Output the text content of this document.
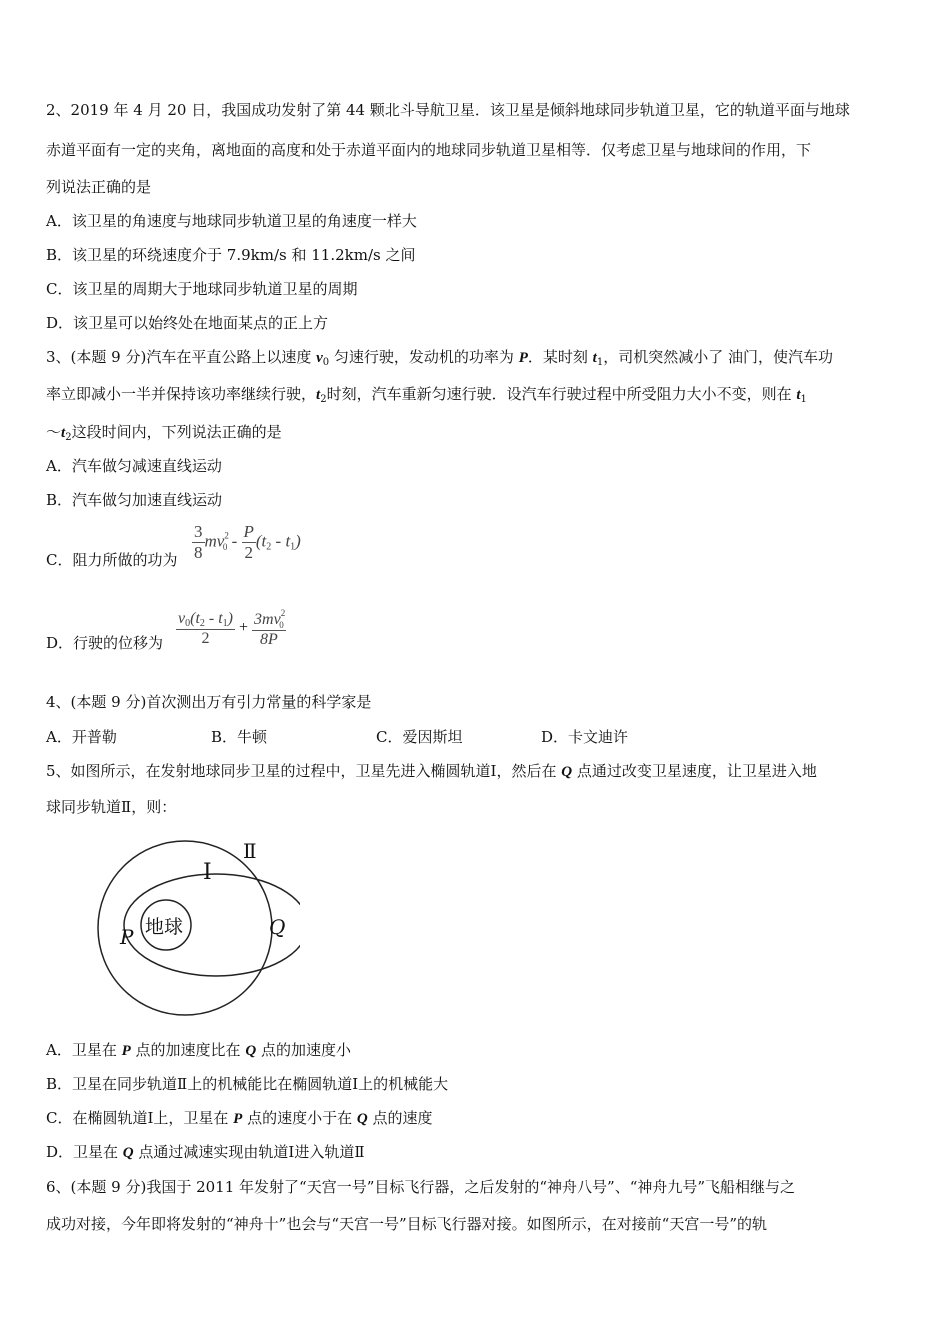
2、2019 年 4 月 20 日，我国成功发射了第 44 颗北斗导航卫星．该卫星是倾斜地球同步轨道卫星，它的轨道平面与地球
赤道平面有一定的夹角，离地面的高度和处于赤道平面内的地球同步轨道卫星相等．仅考虑卫星与地球间的作用，下
列说法正确的是
A．该卫星的角速度与地球同步轨道卫星的角速度一样大
B．该卫星的环绕速度介于 7.9km/s 和 11.2km/s 之间
C．该卫星的周期大于地球同步轨道卫星的周期
D．该卫星可以始终处在地面某点的正上方
3、(本题 9 分)汽车在平直公路上以速度 $v_0$ 匀速行驶，发动机的功率为 P．某时刻 $t_1$，司机突然减小了 油门，使汽车功
率立即减小一半并保持该功率继续行驶，$t_2$时刻，汽车重新匀速行驶．设汽车行驶过程中所受阻力大小不变，则在 $t_1$
$\sim t_2$这段时间内，下列说法正确的是
A．汽车做匀减速直线运动
B．汽车做匀加速直线运动
C．阻力所做的功为 $\frac{3}{8} mv^2_0 - \frac{P}{2} (t_2 - t_1)$
D．行驶的位移为 $\frac{v_0(t_2 - t_1)}{2} + \frac{3mv^2_0}{8P}$
4、(本题 9 分)首次测出万有引力常量的科学家是
A．开普勒	B．牛顿	C．爱因斯坦	D．卡文迪许
5、如图所示，在发射地球同步卫星的过程中，卫星先进入椭圆轨道Ⅰ，然后在 Q 点通过改变卫星速度，让卫星进入地
球同步轨道Ⅱ，则：
地球
Ⅰ
Ⅱ
P	Q
A．卫星在 P 点的加速度比在 Q 点的加速度小
B．卫星在同步轨道Ⅱ上的机械能比在椭圆轨道Ⅰ上的机械能大
C．在椭圆轨道Ⅰ上，卫星在 P 点的速度小于在 Q 点的速度
D．卫星在 Q 点通过减速实现由轨道Ⅰ进入轨道Ⅱ
6、(本题 9 分)我国于 2011 年发射了“天宫一号”目标飞行器，之后发射的“神舟八号”、“神舟九号”飞船相继与之
成功对接，今年即将发射的“神舟十”也会与“天宫一号”目标飞行器对接。如图所示，在对接前“天宫一号”的轨
